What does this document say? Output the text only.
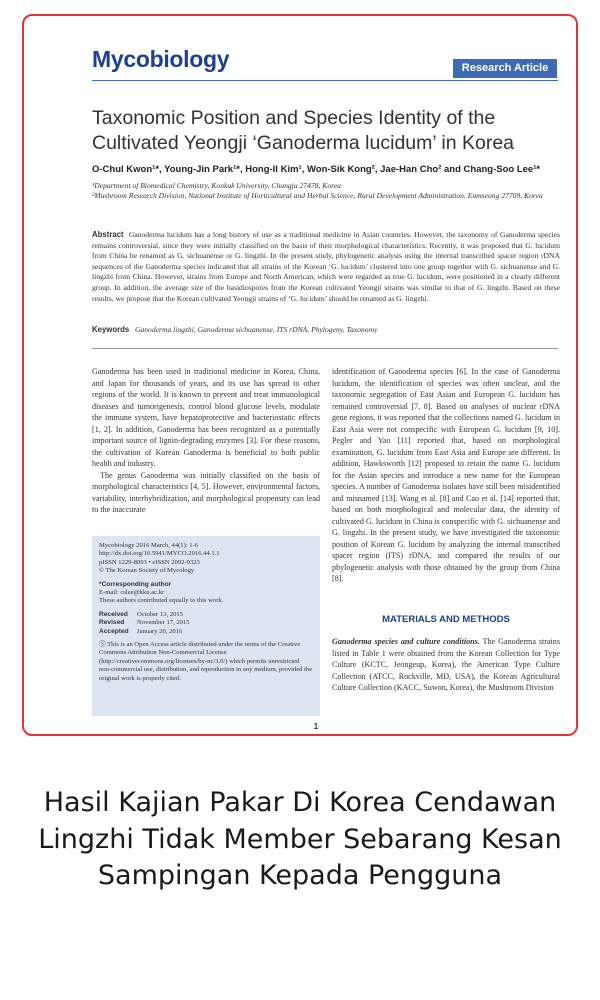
Mycobiology	Research Article
Taxonomic Position and Species Identity of the Cultivated Yeongji ‘Ganoderma lucidum’ in Korea
O-Chul Kwon¹*, Young-Jin Park¹*, Hong-Il Kim¹, Won-Sik Kong², Jae-Han Cho² and Chang-Soo Lee¹*
¹Department of Biomedical Chemistry, Konkuk University, Chungju 27478, Korea
²Mushroom Research Division, National Institute of Horticultural and Herbal Science, Rural Development Administration, Eumseong 27709, Korea
Abstract Ganoderma lucidum has a long history of use as a traditional medicine in Asian countries. However, the taxonomy of Ganoderma species remains controversial, since they were initially classified on the basis of their morphological characteristics. Recently, it was proposed that G. lucidum from China be renamed as G. sichuanense or G. lingzhi. In the present study, phylogenetic analysis using the internal transcribed spacer region rDNA sequences of the Ganoderma species indicated that all strains of the Korean ‘G. lucidum’ clustered into one group together with G. sichuanense and G. lingzhi from China. However, strains from Europe and North American, which were regarded as true G. lucidum, were positioned in a clearly different group. In addition, the average size of the basidiospores from the Korean cultivated Yeongji strains was similar to that of G. lingzhi. Based on these results, we propose that the Korean cultivated Yeongji strains of ‘G. lucidum’ should be renamed as G. lingzhi.
Keywords Ganoderma lingzhi, Ganoderma sichuanense, ITS rDNA, Phylogeny, Taxonomy

Ganoderma has been used in traditional medicine in Korea, China, and Japan for thousands of years, and its use has spread to other regions of the world. It is known to prevent and treat immunological diseases and tumorigenesis, control blood glucose levels, modulate the immune system, have hepatoprotective and bacteriostatic effects [1, 2]. In addition, Ganoderma has been recognized as a potentially important source of lignin-degrading enzymes [3]. For these reasons, the cultivation of Korean Ganoderma is beneficial to both public health and industry.

The genus Ganoderma was initially classified on the basis of morphological characteristics [4, 5]. However, environmental factors, variability, interhybridization, and morphological propensity can lead to the inaccurate

Mycobiology 2016 March, 44(1): 1-6
http://dx.doi.org/10.5941/MYCO.2016.44.1.1
pISSN 1229-8093 • eISSN 2092-9323
© The Korean Society of Mycology
*Corresponding author
E-mail: cslee@kku.ac.kr
These authors contributed equally to this work.
Received	October 13, 2015
Revised	November 17, 2015
Accepted	January 20, 2016
Ⓢ This is an Open Access article distributed under the terms of the Creative Commons Attribution Non-Commercial License (http://creativecommons.org/licenses/by-nc/3.0/) which permits unrestricted non-commercial use, distribution, and reproduction in any medium, provided the original work is properly cited.

identification of Ganoderma species [6]. In the case of Ganoderma lucidum, the identification of species was often unclear, and the taxonomic segregation of East Asian and European G. lucidum has remained controversial [7, 8]. Based on analyses of nuclear rDNA gene regions, it was reported that the collections named G. lucidum in East Asia were not conspecific with European G. lucidum [9, 10]. Pegler and Yao [11] reported that, based on morphological examination, G. lucidum from East Asia and Europe are different. In addition, Hawksworth [12] proposed to retain the name G. lucidum for the Asian species and introduce a new name for the European species. A number of Ganoderma isolates have still been misidentified and misnamed [13]. Wang et al. [8] and Cao et al. [14] reported that, based on both morphological and molecular data, the identity of cultivated G. lucidum in China is conspecific with G. sichuanense and G. lingzhi. In the present study, we have investigated the taxonomic position of Korean G. lucidum by analyzing the internal transcribed spacer region (ITS) rDNA, and compared the results of our phylogenetic analysis with those obtained by the group from China [8].

MATERIALS AND METHODS
Ganoderma species and culture conditions. The Ganoderma strains listed in Table 1 were obtained from the Korean Collection for Type Culture (KCTC, Jeongeup, Korea), the American Type Culture Collection (ATCC, Rockville, MD, USA), the Korean Agricultural Culture Collection (KACC, Suwon, Korea), the Mushroom Division
1
Hasil Kajian Pakar Di Korea Cendawan Lingzhi Tidak Member Sebarang Kesan Sampingan Kepada Pengguna
